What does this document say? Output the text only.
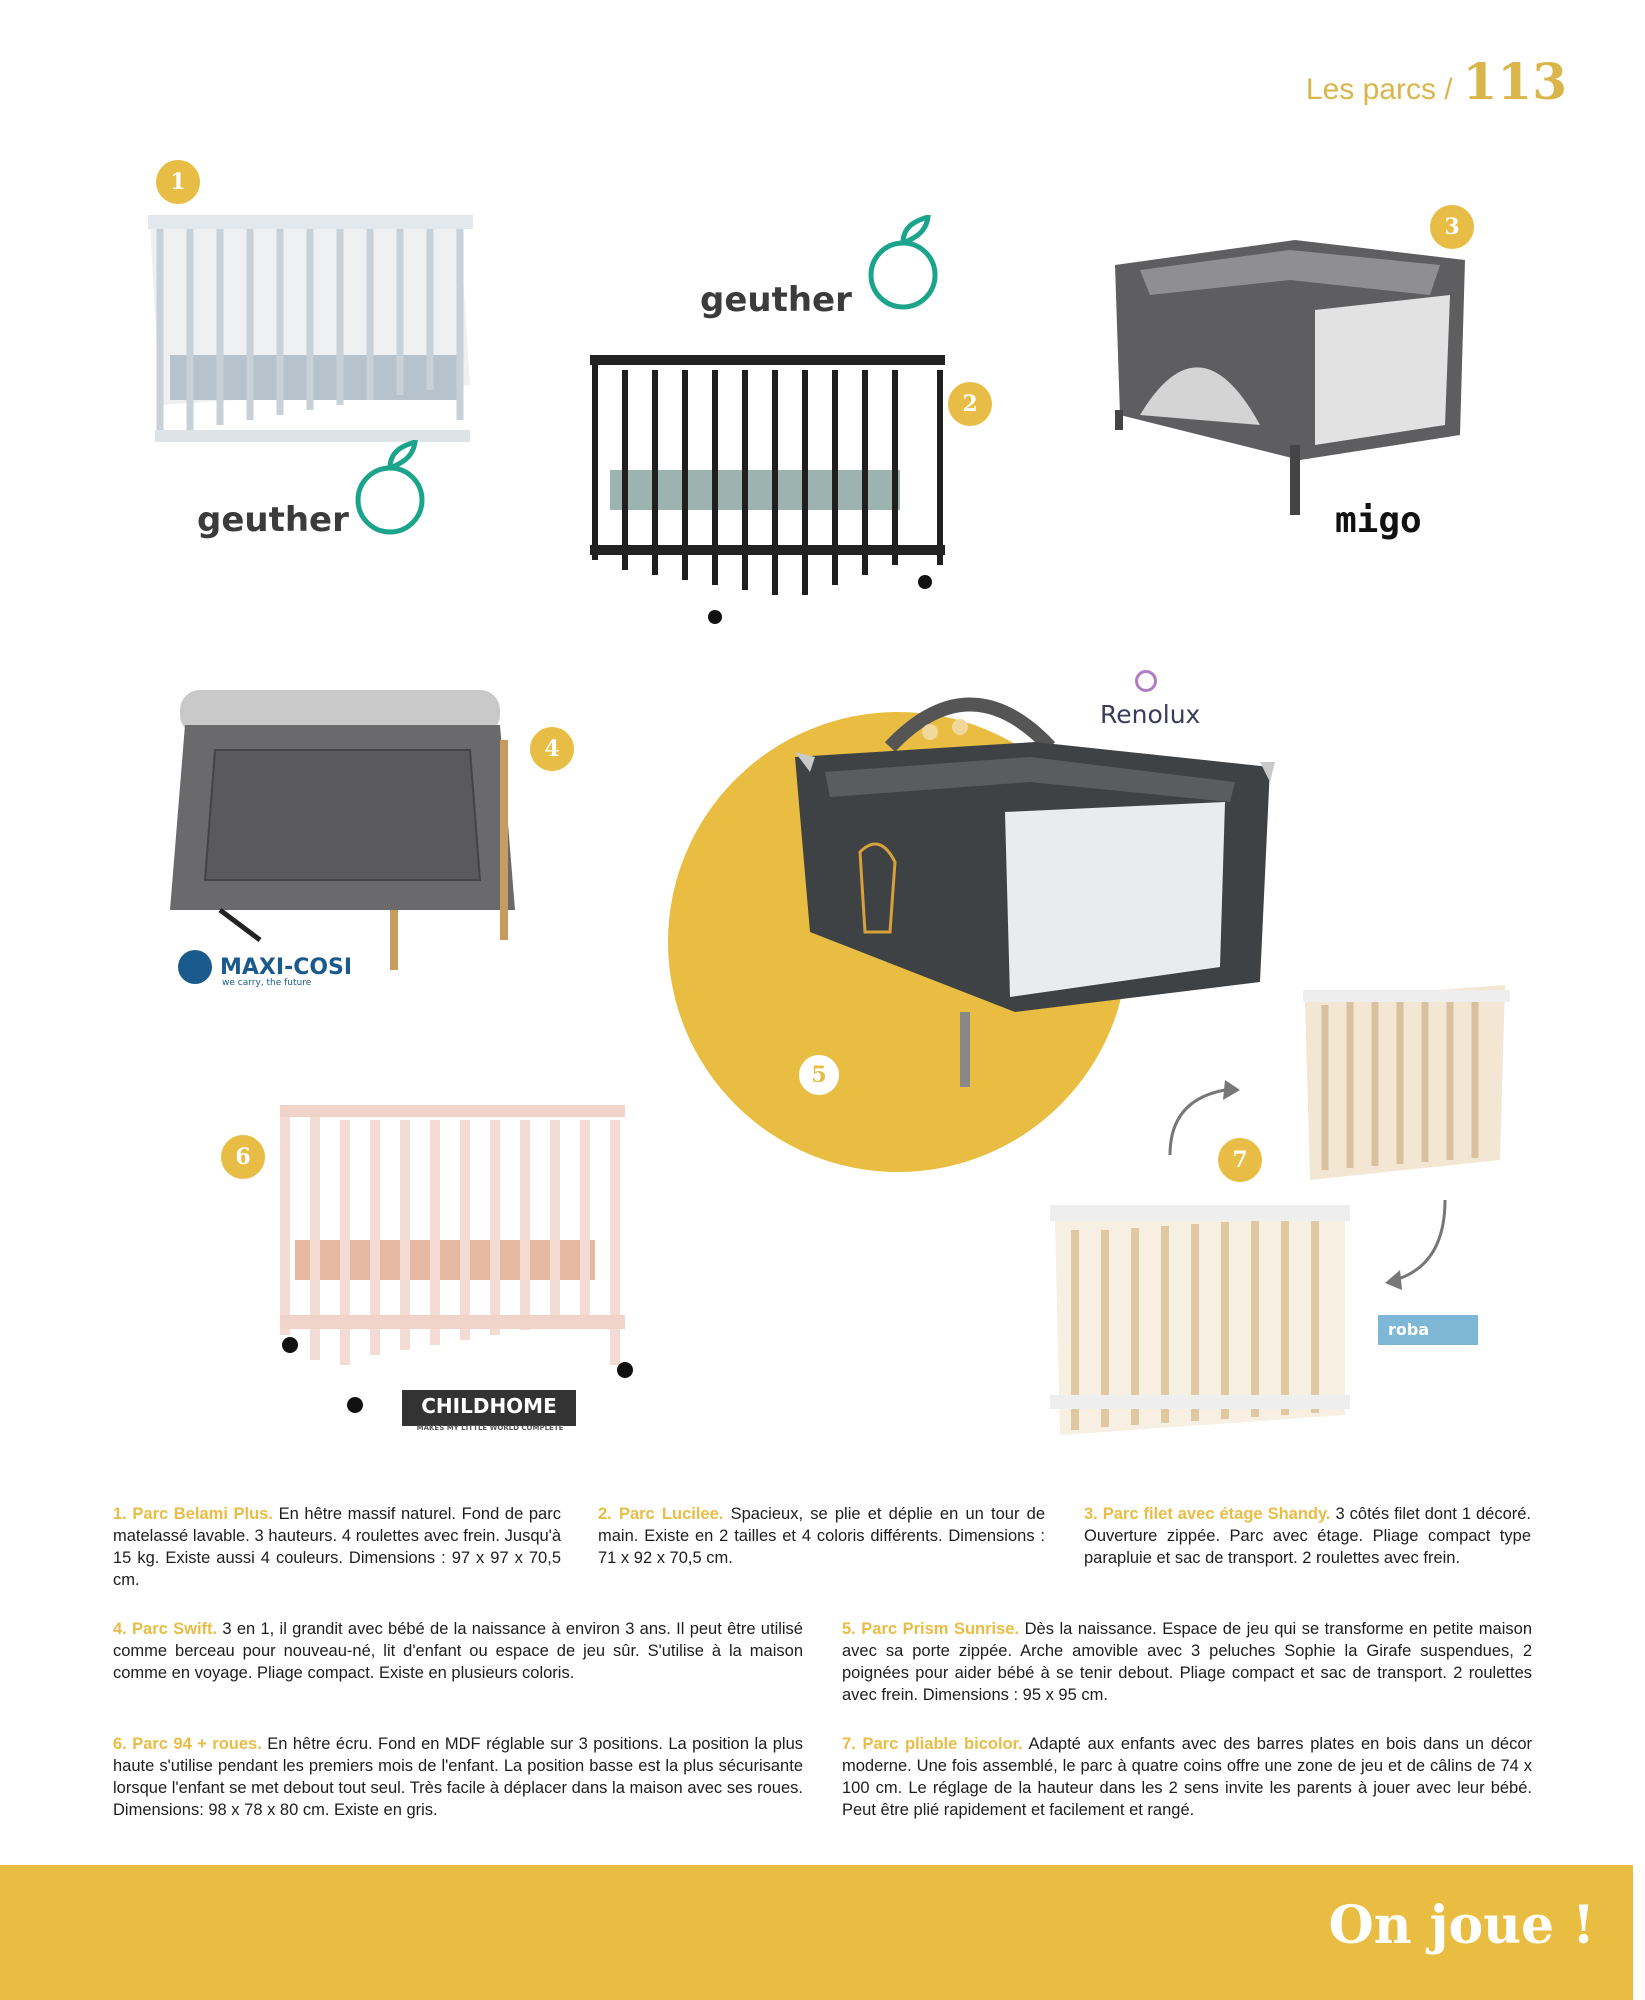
Les parcs / 113
1
geuther
2
geuther
3
migo
4
MAXI-COSI
we carry, the future
5
Renolux
6
CHILDHOME
MAKES MY LITTLE WORLD COMPLETE
7
roba
1. Parc Belami Plus. En hêtre massif naturel. Fond de parc matelassé lavable. 3 hauteurs. 4 roulettes avec frein. Jusqu'à 15 kg. Existe aussi 4 couleurs. Dimensions : 97 x 97 x 70,5 cm.
2. Parc Lucilee. Spacieux, se plie et déplie en un tour de main. Existe en 2 tailles et 4 coloris différents. Dimensions : 71 x 92 x 70,5 cm.
3. Parc filet avec étage Shandy. 3 côtés filet dont 1 décoré. Ouverture zippée. Parc avec étage. Pliage compact type parapluie et sac de transport. 2 roulettes avec frein.
4. Parc Swift. 3 en 1, il grandit avec bébé de la naissance à environ 3 ans. Il peut être utilisé comme berceau pour nouveau-né, lit d'enfant ou espace de jeu sûr. S'utilise à la maison comme en voyage. Pliage compact. Existe en plusieurs coloris.
5. Parc Prism Sunrise. Dès la naissance. Espace de jeu qui se transforme en petite maison avec sa porte zippée. Arche amovible avec 3 peluches Sophie la Girafe suspendues, 2 poignées pour aider bébé à se tenir debout. Pliage compact et sac de transport. 2 roulettes avec frein. Dimensions : 95 x 95 cm.
6. Parc 94 + roues. En hêtre écru. Fond en MDF réglable sur 3 positions. La position la plus haute s'utilise pendant les premiers mois de l'enfant. La position basse est la plus sécurisante lorsque l'enfant se met debout tout seul. Très facile à déplacer dans la maison avec ses roues. Dimensions: 98 x 78 x 80 cm. Existe en gris.
7. Parc pliable bicolor. Adapté aux enfants avec des barres plates en bois dans un décor moderne. Une fois assemblé, le parc à quatre coins offre une zone de jeu et de câlins de 74 x 100 cm. Le réglage de la hauteur dans les 2 sens invite les parents à jouer avec leur bébé. Peut être plié rapidement et facilement et rangé.
On joue !
